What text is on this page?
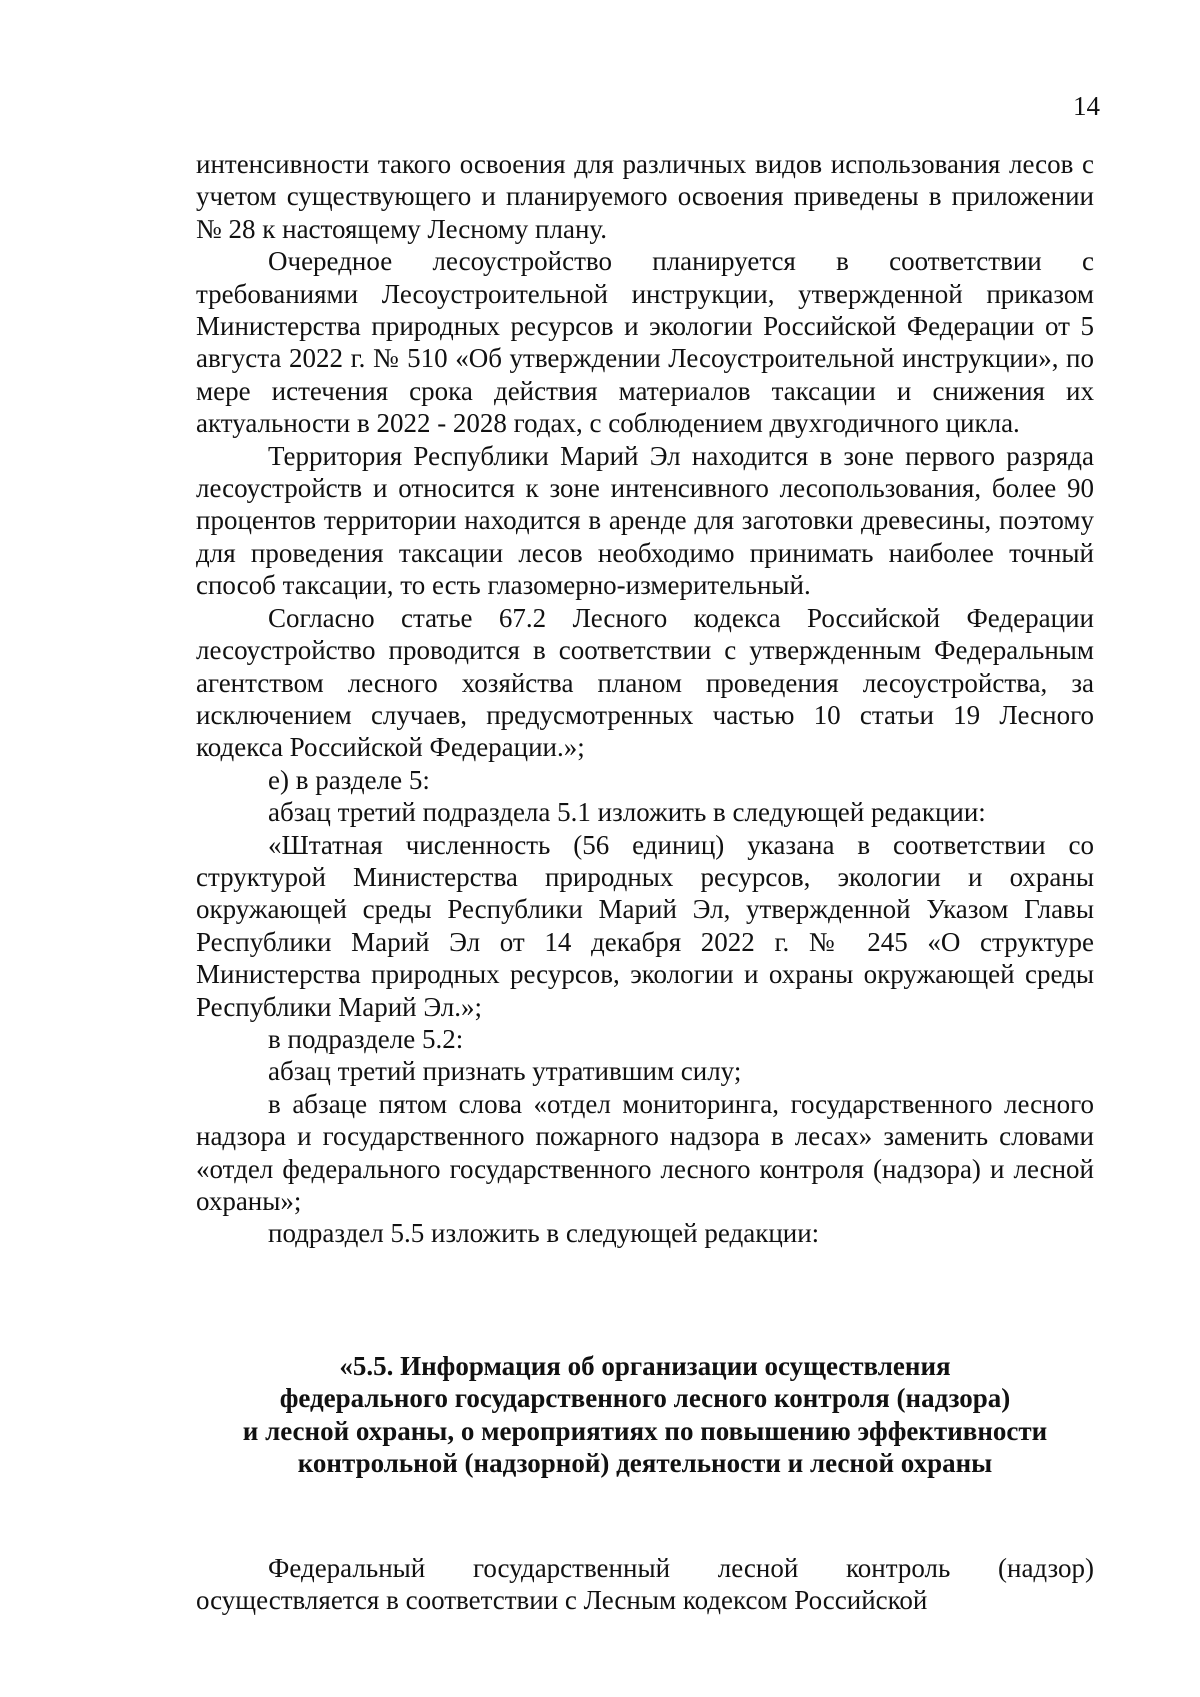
14

интенсивности такого освоения для различных видов использования лесов с учетом существующего и планируемого освоения приведены в приложении № 28 к настоящему Лесному плану.

Очередное лесоустройство планируется в соответствии с требованиями Лесоустроительной инструкции, утвержденной приказом Министерства природных ресурсов и экологии Российской Федерации от 5 августа 2022 г. № 510 «Об утверждении Лесоустроительной инструкции», по мере истечения срока действия материалов таксации и снижения их актуальности в 2022 - 2028 годах, с соблюдением двухгодичного цикла.

Территория Республики Марий Эл находится в зоне первого разряда лесоустройств и относится к зоне интенсивного лесопользования, более 90 процентов территории находится в аренде для заготовки древесины, поэтому для проведения таксации лесов необходимо принимать наиболее точный способ таксации, то есть глазомерно-измерительный.

Согласно статье 67.2 Лесного кодекса Российской Федерации лесоустройство проводится в соответствии с утвержденным Федеральным агентством лесного хозяйства планом проведения лесоустройства, за исключением случаев, предусмотренных частью 10 статьи 19 Лесного кодекса Российской Федерации.»;

е) в разделе 5:

абзац третий подраздела 5.1 изложить в следующей редакции:

«Штатная численность (56 единиц) указана в соответствии со структурой Министерства природных ресурсов, экологии и охраны окружающей среды Республики Марий Эл, утвержденной Указом Главы Республики Марий Эл от 14 декабря 2022 г. № 245 «О структуре Министерства природных ресурсов, экологии и охраны окружающей среды Республики Марий Эл.»;

в подразделе 5.2:

абзац третий признать утратившим силу;

в абзаце пятом слова «отдел мониторинга, государственного лесного надзора и государственного пожарного надзора в лесах» заменить словами «отдел федерального государственного лесного контроля (надзора) и лесной охраны»;

подраздел 5.5 изложить в следующей редакции:

«5.5. Информация об организации осуществления
федерального государственного лесного контроля (надзора)
и лесной охраны, о мероприятиях по повышению эффективности
контрольной (надзорной) деятельности и лесной охраны

Федеральный государственный лесной контроль (надзор) осуществляется в соответствии с Лесным кодексом Российской
